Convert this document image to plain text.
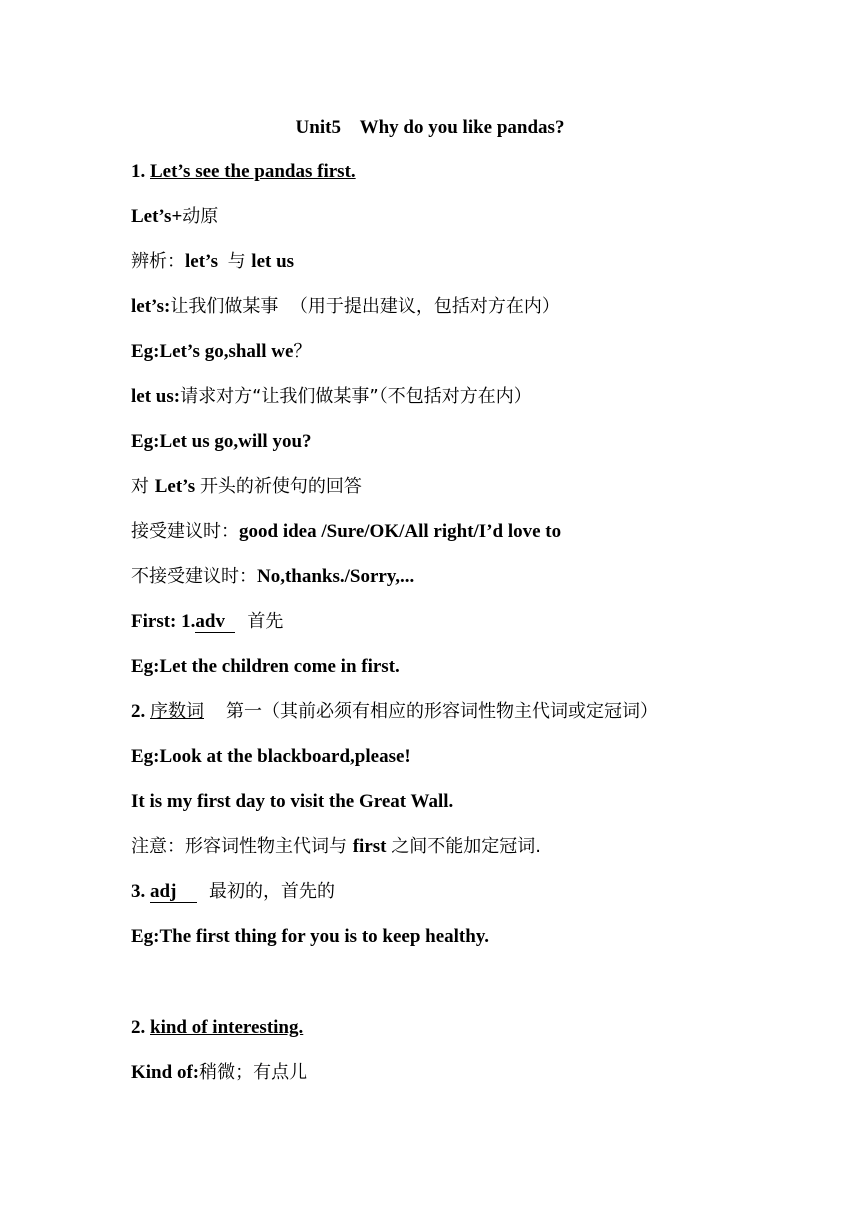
Unit5    Why do you like pandas?
1. Let’s see the pandas first.
Let’s+动原
辨析：let’s  与 let us
let’s:让我们做某事  （用于提出建议，包括对方在内）
Eg:Let’s go,shall we？
let us:请求对方“让我们做某事”（不包括对方在内）
Eg:Let us go,will you?
对 Let’s 开头的祈使句的回答
接受建议时：good idea /Sure/OK/All right/I’d love to
不接受建议时：No,thanks./Sorry,...
First: 1.adv 首先
Eg:Let the children come in first.
2. 序数词 第一（其前必须有相应的形容词性物主代词或定冠词）
Eg:Look at the blackboard,please!
It is my first day to visit the Great Wall.
注意：形容词性物主代词与 first 之间不能加定冠词.
3. adj 最初的，首先的
Eg:The first thing for you is to keep healthy.
2. kind of interesting.
Kind of:稍微；有点儿
